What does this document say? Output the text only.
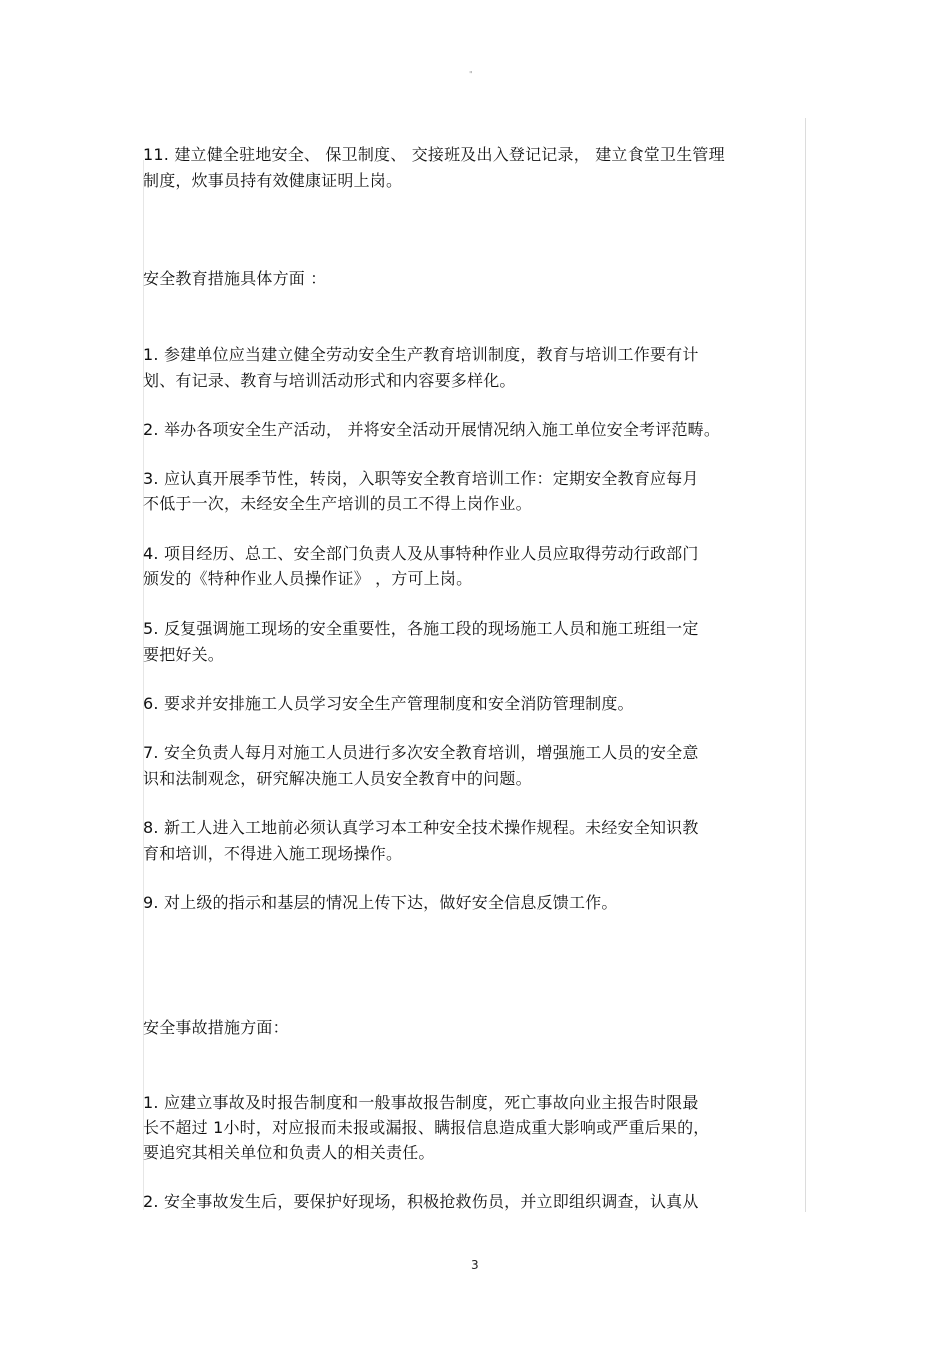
"
11. 建立健全驻地安全、 保卫制度、 交接班及出入登记记录， 建立食堂卫生管理
制度，炊事员持有效健康证明上岗。
安全教育措施具体方面 ：
1. 参建单位应当建立健全劳动安全生产教育培训制度，教育与培训工作要有计
划、有记录、教育与培训活动形式和内容要多样化。
2. 举办各项安全生产活动， 并将安全活动开展情况纳入施工单位安全考评范畴。
3. 应认真开展季节性，转岗，入职等安全教育培训工作：定期安全教育应每月
不低于一次，未经安全生产培训的员工不得上岗作业。
4. 项目经历、总工、安全部门负责人及从事特种作业人员应取得劳动行政部门
颁发的《特种作业人员操作证》 ，方可上岗。
5. 反复强调施工现场的安全重要性，各施工段的现场施工人员和施工班组一定
要把好关。
6. 要求并安排施工人员学习安全生产管理制度和安全消防管理制度。
7. 安全负责人每月对施工人员进行多次安全教育培训，增强施工人员的安全意
识和法制观念，研究解决施工人员安全教育中的问题。
8. 新工人进入工地前必须认真学习本工种安全技术操作规程。未经安全知识教
育和培训，不得进入施工现场操作。
9. 对上级的指示和基层的情况上传下达，做好安全信息反馈工作。
安全事故措施方面：
1. 应建立事故及时报告制度和一般事故报告制度，死亡事故向业主报告时限最
长不超过 1小时，对应报而未报或漏报、瞒报信息造成重大影响或严重后果的，
要追究其相关单位和负责人的相关责任。
2. 安全事故发生后，要保护好现场，积极抢救伤员，并立即组织调查，认真从
3
